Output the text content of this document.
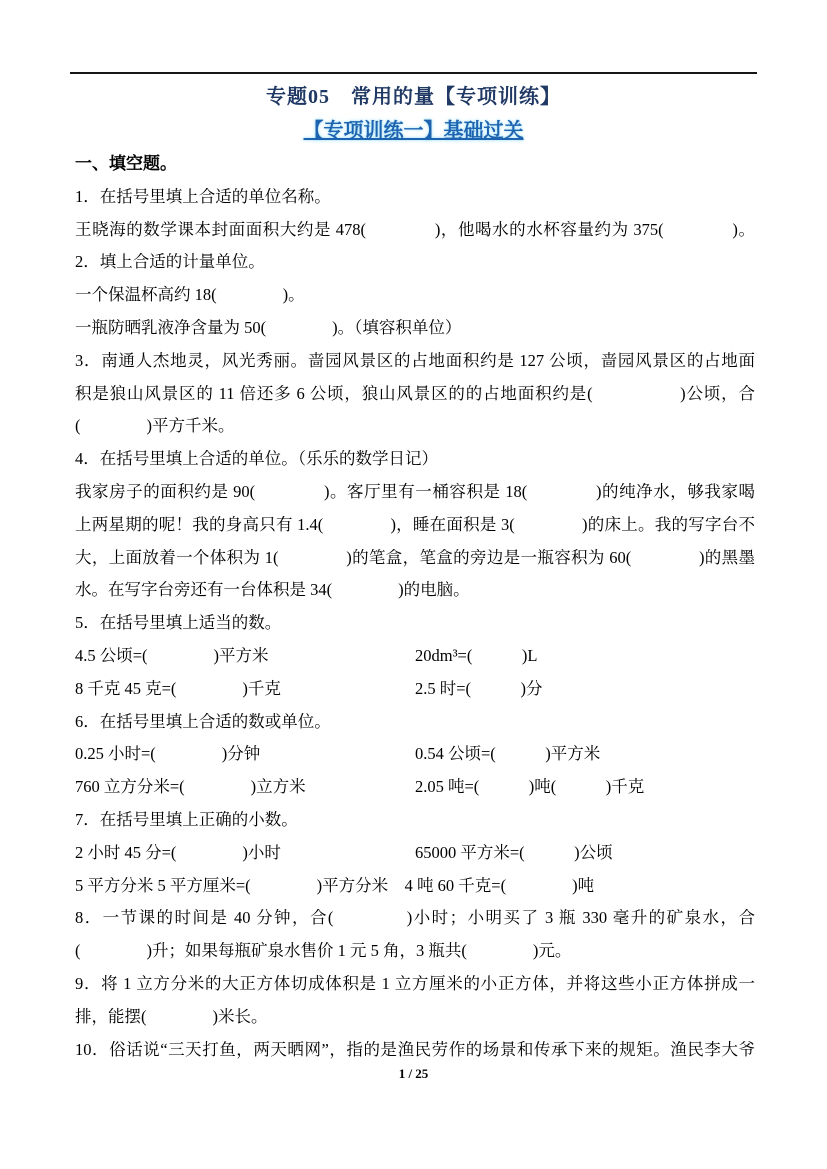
专题05　常用的量【专项训练】
【专项训练一】基础过关
一、填空题。
1．在括号里填上合适的单位名称。
王晓海的数学课本封面面积大约是 478(　　　　)，他喝水的水杯容量约为 375(　　　　)。
2．填上合适的计量单位。
一个保温杯高约 18(　　　　)。
一瓶防晒乳液净含量为 50(　　　　)。（填容积单位）
3．南通人杰地灵，风光秀丽。啬园风景区的占地面积约是 127 公顷，啬园风景区的占地面
积是狼山风景区的 11 倍还多 6 公顷，狼山风景区的的占地面积约是(　　　　　)公顷，合
(　　　　)平方千米。
4．在括号里填上合适的单位。（乐乐的数学日记）
我家房子的面积约是 90(　　　　)。客厅里有一桶容积是 18(　　　　)的纯净水，够我家喝
上两星期的呢！我的身高只有 1.4(　　　　)，睡在面积是 3(　　　　)的床上。我的写字台不
大，上面放着一个体积为 1(　　　　)的笔盒，笔盒的旁边是一瓶容积为 60(　　　　)的黑墨
水。在写字台旁还有一台体积是 34(　　　　)的电脑。
5．在括号里填上适当的数。
4.5 公顷=(　　　　)平方米	20dm³=(　　　)L
8 千克 45 克=(　　　　)千克	2.5 时=(　　　)分
6．在括号里填上合适的数或单位。
0.25 小时=(　　　　)分钟	0.54 公顷=(　　　)平方米
760 立方分米=(　　　　)立方米	2.05 吨=(　　　)吨(　　　)千克
7．在括号里填上正确的小数。
2 小时 45 分=(　　　　)小时	65000 平方米=(　　　)公顷
5 平方分米 5 平方厘米=(　　　　)平方分米　4 吨 60 千克=(　　　　)吨
8．一节课的时间是 40 分钟，合(　　　　)小时；小明买了 3 瓶 330 毫升的矿泉水，合
(　　　　)升；如果每瓶矿泉水售价 1 元 5 角，3 瓶共(　　　　)元。
9．将 1 立方分米的大正方体切成体积是 1 立方厘米的小正方体，并将这些小正方体拼成一
排，能摆(　　　　)米长。
10．俗话说“三天打鱼，两天晒网”，指的是渔民劳作的场景和传承下来的规矩。渔民李大爷
1 / 25
